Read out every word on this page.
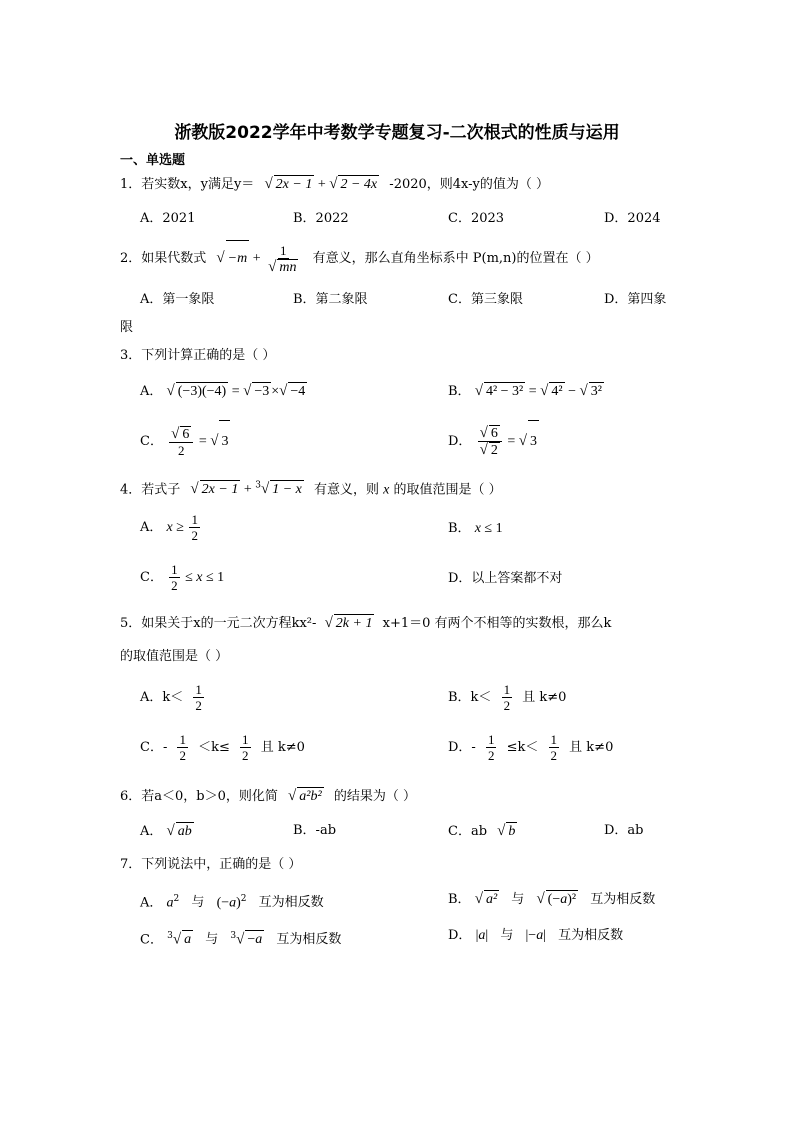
浙教版2022学年中考数学专题复习-二次根式的性质与运用
一、单选题
1．若实数x，y满足y＝ √ 2x − 1 + √ 2 − 4x -2020，则4x-y的值为（ ）
A．2021	B．2022	C．2023	D．2024
2．如果代数式 √ $-m + \frac{1}{√ mn}$ 有意义，那么直角坐标系中 P(m,n)的位置在（ ）
A．第一象限	B．第二象限	C．第三象限	D．第四象
限
3．下列计算正确的是（ ）
A． √ (−3)(−4) = √ −3 ×√ −4	B． √ 4² − 3² = √ 4² − √ 3²
C． $\frac{√ 6}{2}$ = √ 3	D． $\frac{√ 6}{√ 2}$ = √ 3
4．若式子 √ 2x − 1 + $^3$√ 1 − x 有意义，则 x 的取值范围是（ ）
A． $x \ge \frac{1}{2}$	B． x ≤ 1
C． $\frac{1}{2} \le x \le 1$	D．以上答案都不对
5．如果关于x的一元二次方程kx²- √ 2k + 1 x+1＝0 有两个不相等的实数根，那么k
的取值范围是（ ）
A．$k< \frac{1}{2}$	B．$k< \frac{1}{2}$ 且 k≠0
C．- $\frac{1}{2} <k\le \frac{1}{2}$ 且 k≠0	D．- $\frac{1}{2} \le k< \frac{1}{2}$ 且 k≠0
6．若a＜0，b＞0，则化简 √ a²b² 的结果为（ ）
A． √ ab	B．-ab	C．ab √ b	D．ab
7．下列说法中，正确的是（ ）
A． $a^2$ 与 $(-a)^2$ 互为相反数	B． √ a² 与 √ (−a)² 互为相反数
C． $^3$√ a 与 $^3$√ −a 互为相反数	D． |a| 与 |−a| 互为相反数
